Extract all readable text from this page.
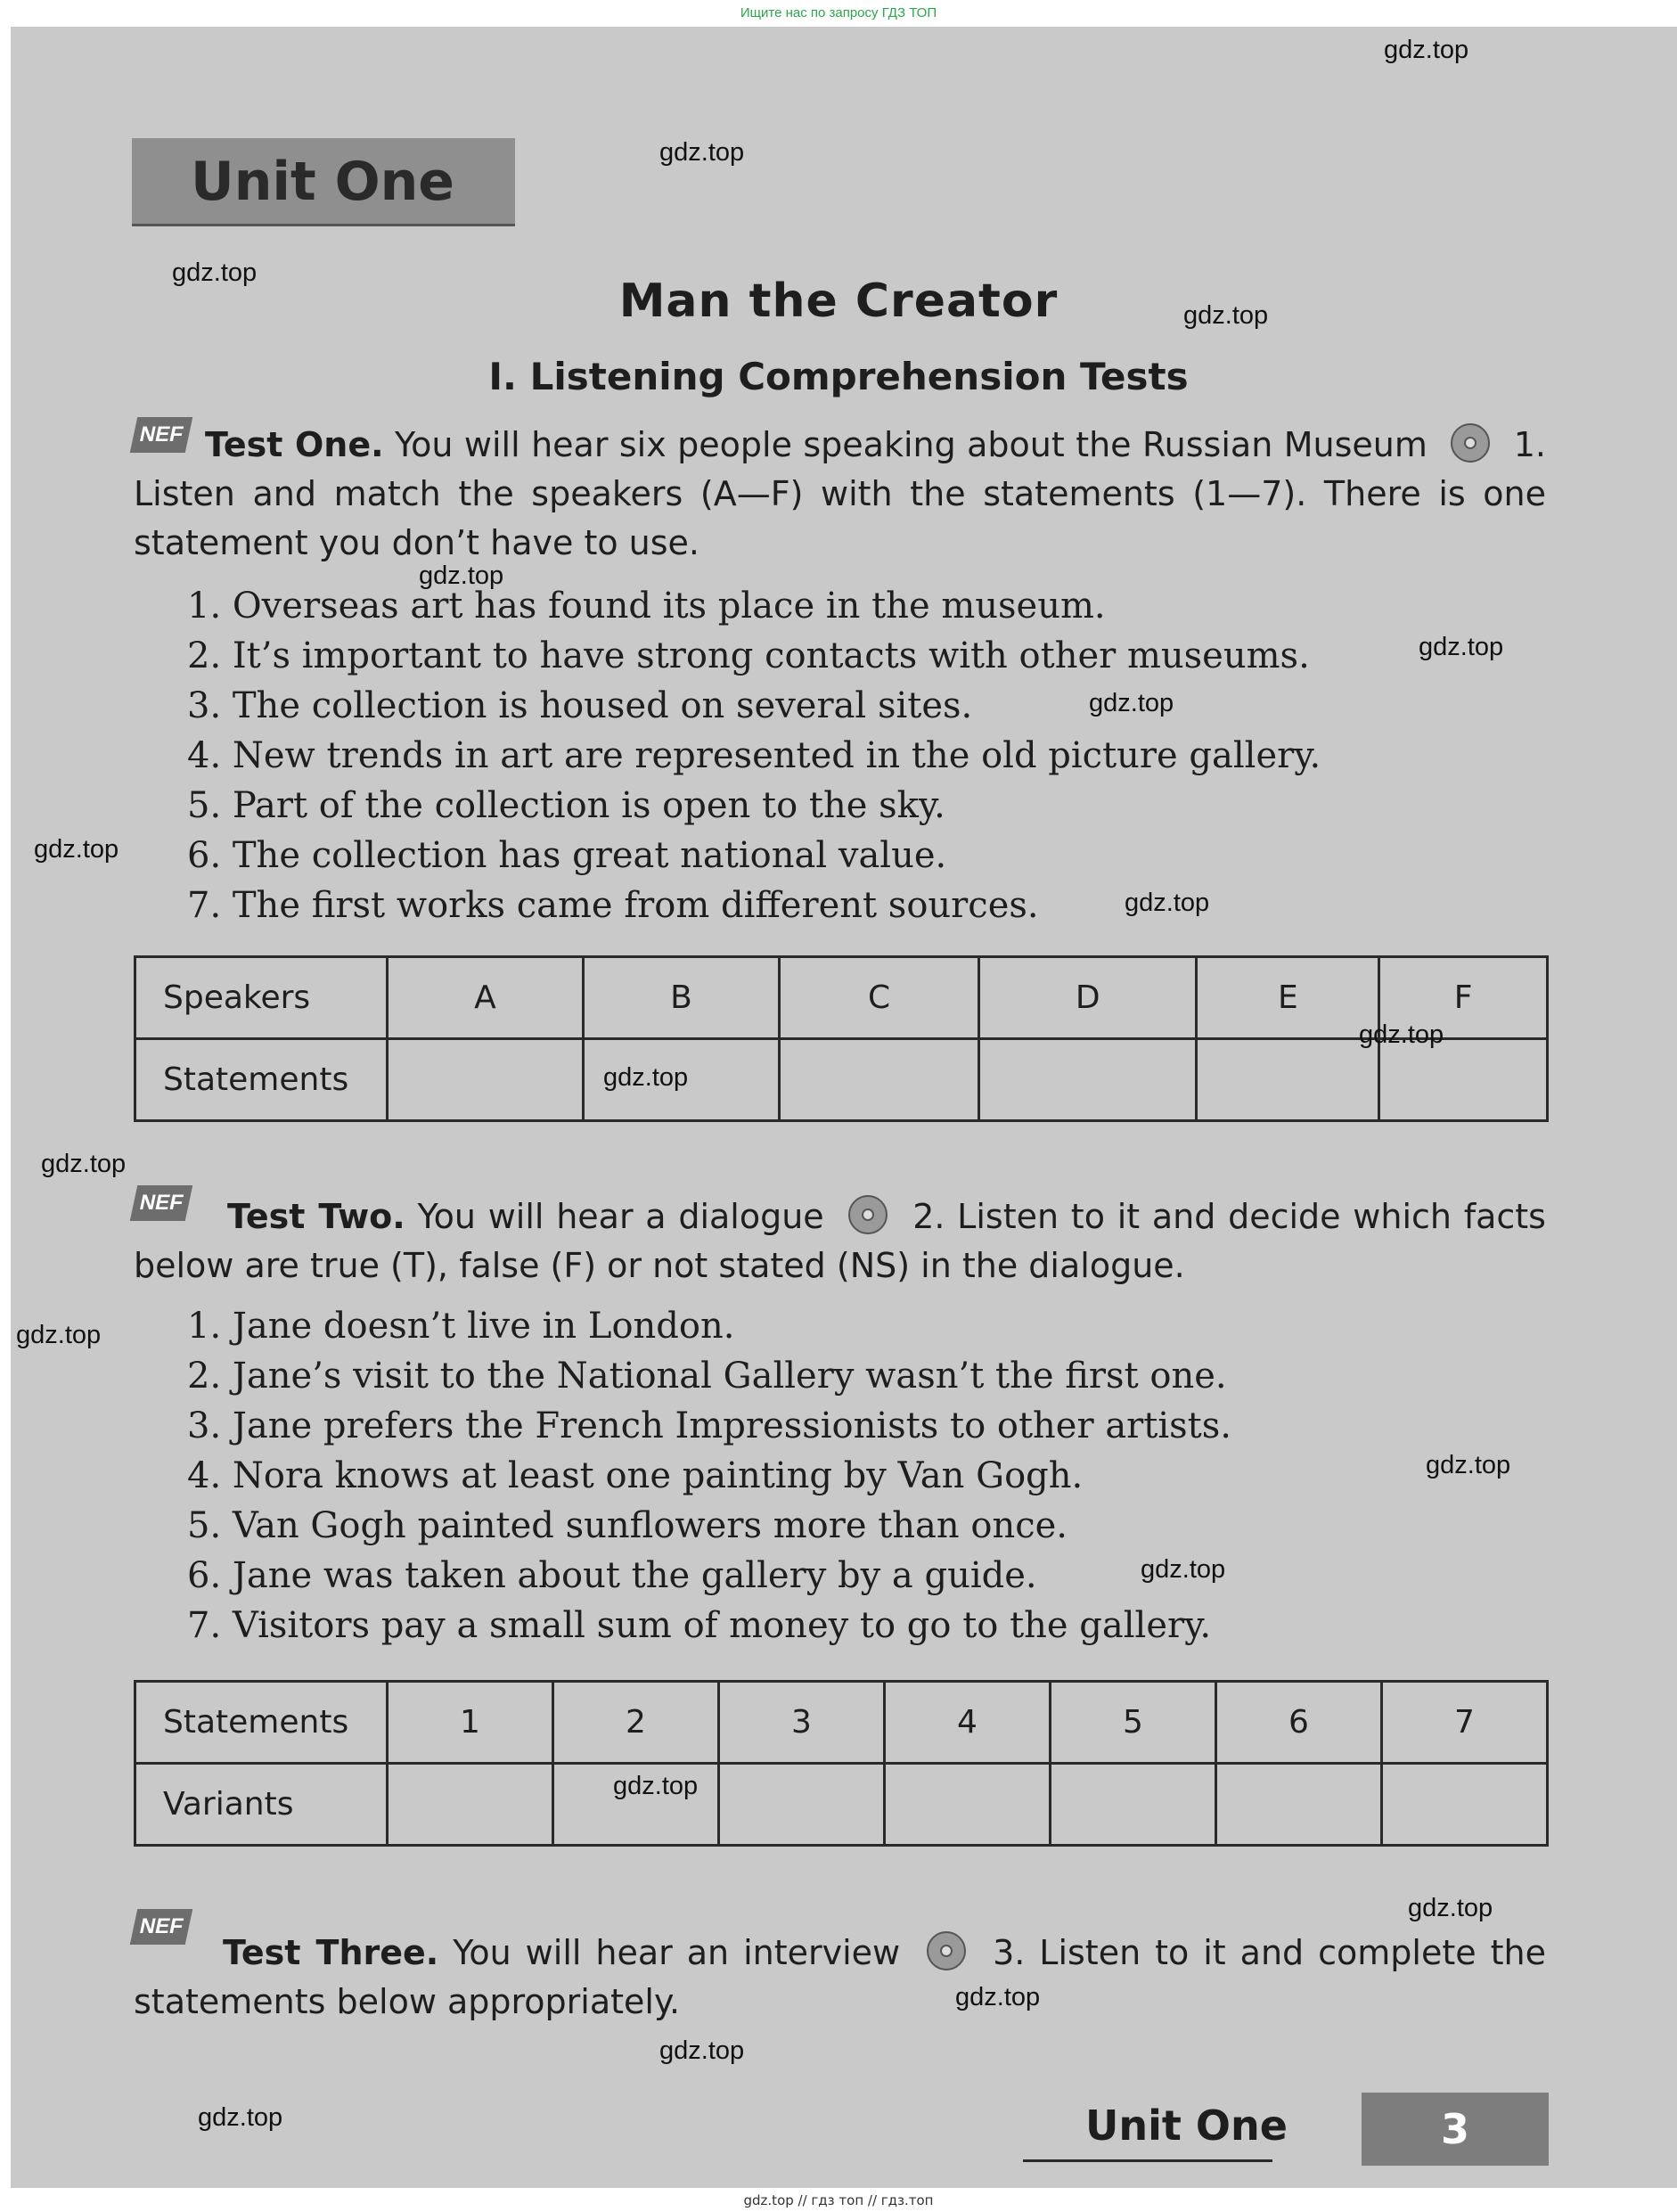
Ищите нас по запросу ГДЗ ТОП
Unit One
Man the Creator
I. Listening Comprehension Tests
NEF Test One. You will hear six people speaking about the Russian Museum	1. Listen and match the speakers (A—F) with the statements (1—7). There is one statement you don’t have to use.
1. Overseas art has found its place in the museum.
2. It’s important to have strong contacts with other museums.
3. The collection is housed on several sites.
4. New trends in art are represented in the old picture gallery.
5. Part of the collection is open to the sky.
6. The collection has great national value.
7. The first works came from different sources.
Speakers	A	B	C	D	E	F
Statements						
NEF	Test Two. You will hear a dialogue	2. Listen to it and decide which facts below are true (T), false (F) or not stated (NS) in the dialogue.
1. Jane doesn’t live in London.
2. Jane’s visit to the National Gallery wasn’t the first one.
3. Jane prefers the French Impressionists to other artists.
4. Nora knows at least one painting by Van Gogh.
5. Van Gogh painted sunflowers more than once.
6. Jane was taken about the gallery by a guide.
7. Visitors pay a small sum of money to go to the gallery.
Statements	1	2	3	4	5	6	7
Variants							
NEF
Test Three. You will hear an interview	3. Listen to it and complete the statements below appropriately.
Unit One	3
gdz.top
gdz.top
gdz.top
gdz.top
gdz.top
gdz.top
gdz.top
gdz.top
gdz.top
gdz.top
gdz.top
gdz.top
gdz.top
gdz.top
gdz.top
gdz.top
gdz.top
gdz.top
gdz.top
gdz.top
gdz.top // гдз топ // гдз.топ
